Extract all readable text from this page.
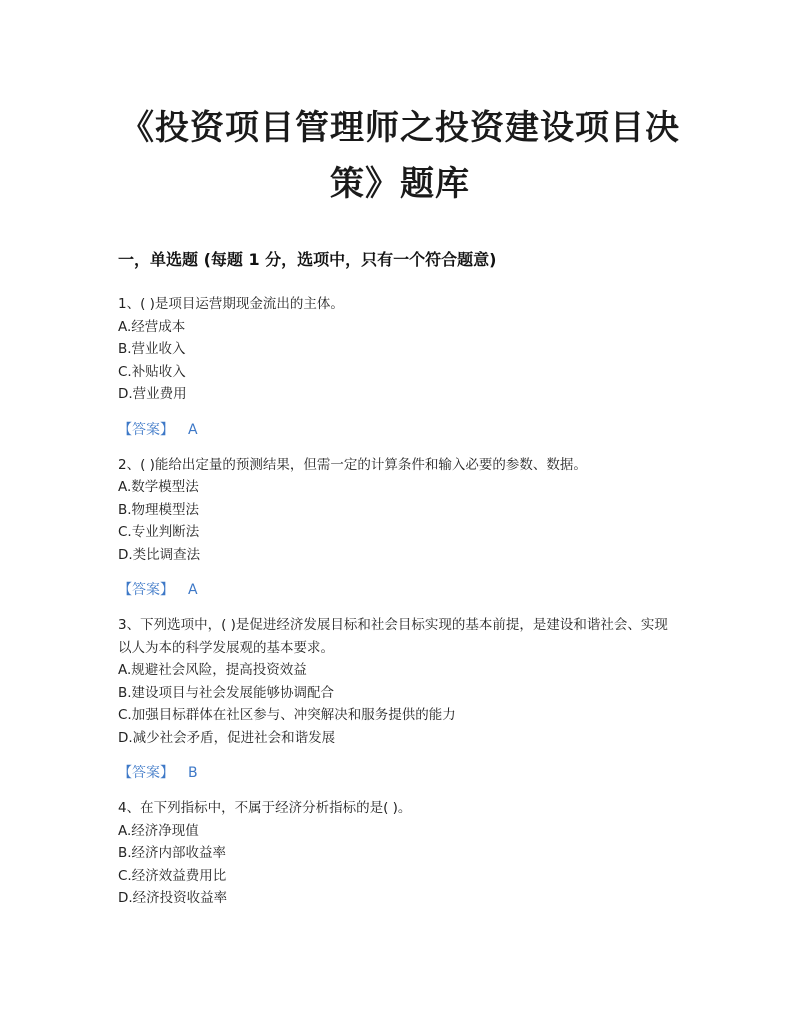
《投资项目管理师之投资建设项目决策》题库
一，单选题 (每题 1 分，选项中，只有一个符合题意)

1、( )是项目运营期现金流出的主体。

A.经营成本

B.营业收入

C.补贴收入

D.营业费用

【答案】 A

2、( )能给出定量的预测结果，但需一定的计算条件和输入必要的参数、数据。

A.数学模型法

B.物理模型法

C.专业判断法

D.类比调查法

【答案】 A

3、下列选项中，( )是促进经济发展目标和社会目标实现的基本前提，是建设和谐社会、实现以人为本的科学发展观的基本要求。

A.规避社会风险，提高投资效益

B.建设项目与社会发展能够协调配合

C.加强目标群体在社区参与、冲突解决和服务提供的能力

D.减少社会矛盾，促进社会和谐发展

【答案】 B

4、在下列指标中，不属于经济分析指标的是( )。

A.经济净现值

B.经济内部收益率

C.经济效益费用比

D.经济投资收益率
